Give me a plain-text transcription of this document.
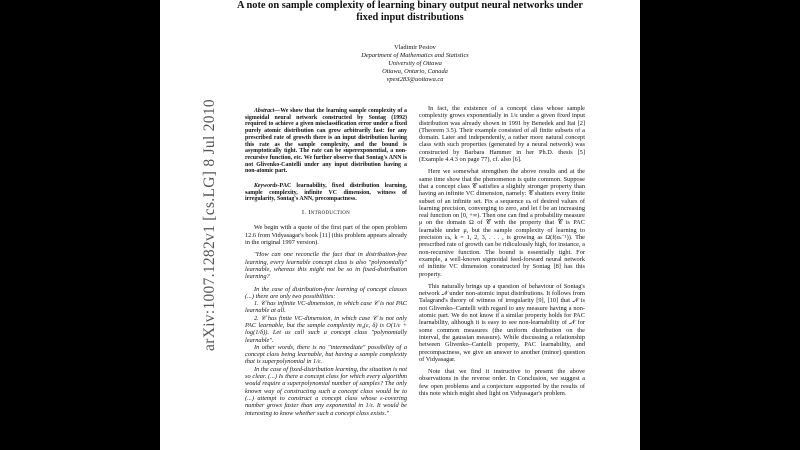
arXiv:1007.1282v1 [cs.LG] 8 Jul 2010
A note on sample complexity of learning binary output neural networks under fixed input distributions
Vladimir Pestov
Department of Mathematics and Statistics
University of Ottawa
Ottawa, Ontario, Canada
vpest283@uottawa.ca

Abstract—We show that the learning sample complexity of a sigmoidal neural network constructed by Sontag (1992) required to achieve a given misclassification error under a fixed purely atomic distribution can grow arbitrarily fast: for any prescribed rate of growth there is an input distribution having this rate as the sample complexity, and the bound is asymptotically tight. The rate can be superexponential, a non-recursive function, etc. We further observe that Sontag's ANN is not Glivenko-Cantelli under any input distribution having a non-atomic part.

Keywords-PAC learnability, fixed distribution learning, sample complexity, infinite VC dimension, witness of irregularity, Sontag's ANN, precompactness.

I. Introduction

We begin with a quote of the first part of the open problem 12.6 from Vidyasagar's book [11] (this problem appears already in the original 1997 version).

"How can one reconcile the fact that in distribution-free learning, every learnable concept class is also "polynomially" learnable, whereas this might not be so in fixed-distribution learning?

In the case of distribution-free learning of concept classes (...) there are only two possibilities:

1. 𝒞 has infinite VC-dimension, in which case 𝒞 is not PAC learnable at all.

2. 𝒞 has finite VC-dimension, in which case 𝒞 is not only PAC learnable, but the sample complexity m₀(ε, δ) is O(1/ε + log(1/δ)). Let us call such a concept class "polynomially learnable".

In other words, there is no "intermediate" possibility of a concept class being learnable, but having a sample complexity that is superpolynomial in 1/ε.

In the case of fixed-distribution learning, the situation is not so clear. (...) Is there a concept class for which every algorithm would require a superpolynomial number of samples? The only known way of constructing such a concept class would be to (...) attempt to construct a concept class whose ε-covering number grows faster than any exponential in 1/ε. It would be interesting to know whether such a concept class exists."

In fact, the existence of a concept class whose sample complexity grows exponentially in 1/ε under a given fixed input distribution was already shown in 1991 by Benedek and Itai [2] (Theorem 3.5). Their example consisted of all finite subsets of a domain. Later and independently, a rather more natural concept class with such properties (generated by a neural network) was constructed by Barbara Hammer in her Ph.D. thesis [5] (Example 4.4.3 on page 77), cf. also [6].

Here we somewhat strengthen the above results and at the same time show that the phenomenon is quite common. Suppose that a concept class 𝒞 satisfies a slightly stronger property than having an infinite VC dimension, namely: 𝒞 shatters every finite subset of an infinite set. Fix a sequence εₖ of desired values of learning precision, converging to zero, and let f be an increasing real function on [0, +∞). Then one can find a probability measure μ on the domain Ω of 𝒞 with the property that 𝒞 is PAC learnable under μ, but the sample complexity of learning to precision εₖ, k = 1, 2, 3, . . . , is growing as Ω(f(εₖ⁻¹)). The prescribed rate of growth can be ridiculously high, for instance, a non-recursive function. The bound is essentially tight. For example, a well-known sigmoidal feed-forward neural network of infinite VC dimension constructed by Sontag [8] has this property.

This naturally brings up a question of behaviour of Sontag's network 𝒩 under non-atomic input distributions. It follows from Talagrand's theory of witness of irregularity [9], [10] that 𝒩 is not Glivenko–Cantelli with regard to any measure having a non-atomic part. We do not know if a similar property holds for PAC learnability, although it is easy to see non-learnability of 𝒩 for some common measures (the uniform distribution on the interval, the gaussian measure). While discussing a relationship between Glivenko–Cantelli property, PAC learnability, and precompactness, we give an answer to another (minor) question of Vidyasagar.

Note that we find it instructive to present the above observations in the reverse order. In Conclusion, we suggest a few open problems and a conjecture supported by the results of this note which might shed light on Vidyasagar's problem.
